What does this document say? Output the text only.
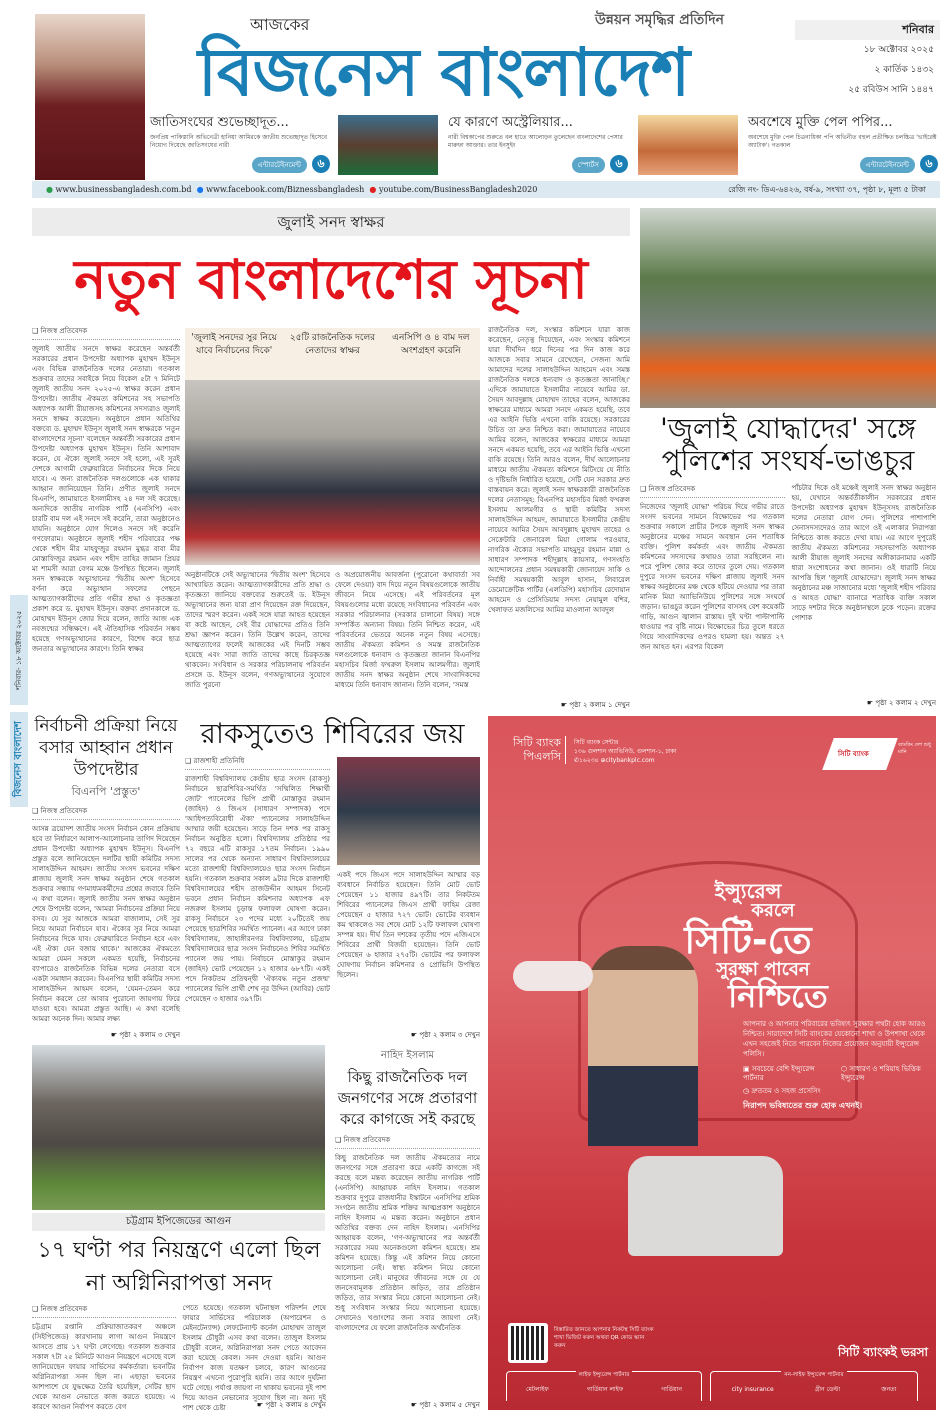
আজকের	উন্নয়ন সমৃদ্ধির প্রতিদিন
বিজনেস বাংলাদেশ
শনিবার
১৮ অক্টোবর ২০২৫
২ কার্তিক ১৪৩২
২৫ রবিউস সানি ১৪৪৭
জাতিসংঘের শুভেচ্ছাদূত...
জনপ্রিয় পাকিস্তানি অভিনেত্রী হানিয়া আমিরকে জাতীয় শুভেচ্ছাদূত হিসেবে নিয়োগ দিয়েছে জাতিসংঘের নারী
এন্টারটেইনমেন্ট ৬
যে কারণে অস্ট্রেলিয়ার...
নারী বিশ্বকাপের শুরুতে বল হাতে আলোড়ন তুলেছেন বাংলাদেশের পেসার মারুফা আক্তার। তার ইনসুইং
স্পোর্টস ৬
অবশেষে মুক্তি পেল পপির...
অবশেষে মুক্তি পেল চিত্রনায়িকা পপি অভিনীত বহুল প্রতীক্ষিত চলচ্চিত্র 'ভাইরেক্ট অ্যাটাক'। গতকাল
এন্টারটেইনমেন্ট ৬
● www.businessbangladesh.com.bd ● www.facebook.com/Biznessbangladesh ● youtube.com/BusinessBangladesh2020	রেজি নং- ডিএ-৬৪২৬, বর্ষ-৯, সংখ্যা ৩৭, পৃষ্ঠা ৮, মূল্য ৫ টাকা
জুলাই সনদ স্বাক্ষর
নতুন বাংলাদেশের সূচনা
❑ নিজস্ব প্রতিবেদক
জুলাই জাতীয় সনদে স্বাক্ষর করেছেন অন্তর্বর্তী সরকারের প্রধান উপদেষ্টা অধ্যাপক মুহাম্মদ ইউনূস এবং বিভিন্ন রাজনৈতিক দলের নেতারা। গতকাল শুক্রবার তাদের সবাইকে নিয়ে বিকেল ৫টা ৭ মিনিটে জুলাই জাতীয় সনদ ২০২৫-এ স্বাক্ষর করেন প্রধান উপদেষ্টা। জাতীয় ঐকমত্য কমিশনের সহ সভাপতি অধ্যাপক আলী রীয়াজসহ কমিশনের সদস্যরাও জুলাই সনদে স্বাক্ষর করেছেন। অনুষ্ঠানে প্রধান অতিথির বক্তব্যে ড. মুহাম্মদ ইউনূস জুলাই সনদ স্বাক্ষরকে 'নতুন বাংলাদেশের সূচনা' বলেছেন অন্তর্বর্তী সরকারের প্রধান উপদেষ্টা অধ্যাপক মুহাম্মদ ইউনূস। তিনি আশাবাদ করেন, যে ঐক্যে জুলাই সনদে সই হলো, এই সুরই দেশকে আগামী ফেব্রুয়ারিতে নির্বাচনের দিকে নিয়ে যাবে। এ জন্য রাজনৈতিক দলগুলোকে এক থাকার আহ্বান জানিয়েছেন তিনি। প্রণীত জুলাই সনদে বিএনপি, জামায়াতে ইসলামীসহ ২৪ দল সই করেছে। অন্যদিকে জাতীয় নাগরিক পার্টি (এনসিপি) এবং চারটি বাম দল এই সনদে সই করেনি, তারা অনুষ্ঠানেও যায়নি। অনুষ্ঠানে যোগ দিলেও সনদে সই করেনি গণফোরাম। অনুষ্ঠানে জুলাই শহীদ পরিবারের পক্ষ থেকে শহীদ মীর মাহফুজুর রহমান মুগ্ধর বাবা মীর মোস্তাফিজুর রহমান এবং শহীদ তাহির জামান প্রিয়র মা শামসী আরা বেগম মঞ্চে উপস্থিত ছিলেন। জুলাই সনদ স্বাক্ষরকে অভ্যুত্থানের 'দ্বিতীয় অংশ' হিসেবে বর্ণনা করে অভ্যুত্থান সফলের পেছনে আত্মত্যাগকারীদের প্রতি গভীর শ্রদ্ধা ও কৃতজ্ঞতা প্রকাশ করে ড. মুহাম্মদ ইউনূস। বক্তব্য প্রদানকালে ড. মোহাম্মদ ইউনূস জোর দিয়ে বলেন, জাতি আজ এক নবজন্মের সন্ধিক্ষণে। এই ঐতিহাসিক পরিবর্তন সম্ভব হয়েছে গণঅভ্যুত্থানের কারণে, বিশেষ করে ছাত্র জনতার অভ্যুত্থানের কারণে। তিনি স্বাক্ষর
'জুলাই সনদের সুর নিয়ে যাবে নির্বাচনের দিকে'
২৫টি রাজনৈতিক দলের নেতাদের স্বাক্ষর
এনসিপি ও ৪ বাম দল অংশগ্রহণ করেনি
অনুষ্ঠানটিকে সেই অভ্যুত্থানের 'দ্বিতীয় অংশ' হিসেবে আখ্যায়িত করেন। আত্মত্যাগকারীদের প্রতি শ্রদ্ধা ও কৃতজ্ঞতা জানিয়ে বক্তব্যের শুরুতেই ড. ইউনূস অভ্যুত্থানের জন্য যারা প্রাণ দিয়েছেন রক্ত দিয়েছেন, তাদের স্মরণ করেন। একই সঙ্গে যারা আহত হয়েছেন বা কষ্টে আছেন, সেই বীর যোদ্ধাদের প্রতিও তিনি শ্রদ্ধা জ্ঞাপন করেন। তিনি উল্লেখ করেন, তাদের আত্মত্যাগের ফলেই আজকের এই দিনটি সম্ভব হয়েছে এবং সারা জাতি তাদের কাছে চিরকৃতজ্ঞ থাকবেন। সংবিধান ও সরকার পরিচালনায় পরিবর্তন প্রসঙ্গে ড. ইউনূস বলেন, গণঅভ্যুত্থানের সুযোগে জাতি পুরনো
ও অপ্রয়োজনীয় আবর্জনা (পুরোনো কথাবার্তা সব ফেলে দেওয়া) বাদ দিয়ে নতুন বিষয়গুলোকে জাতীয় জীবনে নিয়ে এসেছে। এই পরিবর্তনের মূল বিষয়গুলোর মধ্যে রয়েছে সংবিধানের পরিবর্তন এবং সরকার পরিচালনার (সরকার চালানো বিষয়) সঙ্গে সম্পর্কিত অন্যান্য বিষয়। তিনি নিশ্চিত করেন, এই পরিবর্তনের ভেতরে অনেক নতুন বিষয় এসেছে। জাতীয় ঐকমত্য কমিশন ও সমস্ত রাজনৈতিক দলগুলোকে ধন্যবাদ ও কৃতজ্ঞতা জানান বিএনপির মহাসচিব মির্জা ফখরুল ইসলাম আলমগীর। জুলাই জাতীয় সনদ স্বাক্ষর অনুষ্ঠান শেষে সাংবাদিকদের মাধ্যমে তিনি ধন্যবাদ জানান। তিনি বলেন, 'সমস্ত
রাজনৈতিক দল, সংস্কার কমিশনে যারা কাজ করেছেন, নেতৃত্ব দিয়েছেন, এবং সংস্কার কমিশনে যারা দীর্ঘদিন ধরে দিনের পর দিন কাজ করে আজকে সবার সামনে রেখেছেন, সেজন্য আমি আমাদের দলের সালাহউদ্দিন আহমেদ এবং সমস্ত রাজনৈতিক দলকে ধন্যবাদ ও কৃতজ্ঞতা জানাচ্ছি।' এদিকে জামায়াতে ইসলামীর নায়েবে আমির ডা. সৈয়দ আবদুল্লাহ মোহাম্মদ তাহের বলেন, আজকের স্বাক্ষরের মাধ্যমে আমরা সনদে একমত হয়েছি, তবে এর আইনি ভিত্তি এখনো বাকি রয়েছে। সরকারের উচিত তা দ্রুত নিশ্চিত করা। জামায়াতের নায়েবে আমির বলেন, আজকের স্বাক্ষরের মাধ্যমে আমরা সনদে একমত হয়েছি, তবে এর আইনি ভিত্তি এখনো বাকি রয়েছে। তিনি আরও বলেন, দীর্ঘ আলোচনার মাধ্যমে জাতীয় ঐকমত্য কমিশনে মিটিংয়ে যে নীতি ও দৃষ্টিভঙ্গি নির্ধারিত হয়েছে, সেটি যেন সরকার দ্রুত বাস্তবায়ন করে। জুলাই সনদ স্বাক্ষরকারী রাজনৈতিক দলের নেতাসমূহ: বিএনপির মহাসচিব মির্জা ফখরুল ইসলাম আলমগীর ও স্থায়ী কমিটির সদস্য সালাহউদ্দিন আহমদ, জামায়াতে ইসলামীর কেন্দ্রীয় নায়েবে আমির সৈয়দ আবদুল্লাহ মুহাম্মদ তাহের ও সেক্রেটারি জেনারেল মিয়া গোলাম পরওয়ার, নাগরিক ঐক্যের সভাপতি মাহমুদুর রহমান মান্না ও সাধারণ সম্পাদক শহীদুল্লাহ কায়সার, গণসংহতি আন্দোলনের প্রধান সমন্বয়কারী জোনায়েদ সাকি ও নির্বাহী সমন্বয়কারী আবুল হাসান, লিবারেল ডেমোক্রেটিক পার্টির (এলডিপি) মহাসচিব রেদোয়ান আহমেদ ও প্রেসিডিয়াম সদস্য নেয়ামুল বশির, খেলাফত মজলিসের আমির মাওলানা আবদুল
☛ পৃষ্ঠা ২ কলাম ১ দেখুন
'জুলাই যোদ্ধাদের' সঙ্গে পুলিশের সংঘর্ষ-ভাঙচুর
❑ নিজস্ব প্রতিবেদক
নিজেদের 'জুলাই যোদ্ধা' পরিচয় দিয়ে গভীর রাতে সংসদ ভবনের সামনে বিক্ষোভের পর গতকাল শুক্রবার সকালে প্রাচীর টপকে জুলাই সনদ স্বাক্ষর অনুষ্ঠানের মঞ্চের সামনে অবস্থান নেন শতাধিক ব্যক্তি। পুলিশ কর্মকর্তা এবং জাতীয় ঐকমত্য কমিশনের সদস্যদের কথায়ও তারা সরছিলেন না। পরে পুলিশ জোর করে তাদের তুলে দেয়। গতকাল দুপুরে সংসদ ভবনের দক্ষিণ প্লাজায় জুলাই সনদ স্বাক্ষর অনুষ্ঠানের মঞ্চ থেকে হটিয়ে দেওয়ার পর তারা মানিক মিয়া অ্যাভিনিউয়ে পুলিশের সঙ্গে সংঘর্ষে জড়ান। ভাঙচুর করেন পুলিশের বাসসহ বেশ কয়েকটি গাড়ি, আগুন জ্বালান রাস্তায়। দুই ঘণ্টা পাল্টাপাল্টি ধাওয়ার পর বৃষ্টি নামে। বিক্ষোভের চিত্র তুলে ধরতে গিয়ে সাংবাদিকদের ওপরও হামলা হয়। অন্তত ২৭ জন আহত হন। এরপর বিকেল
পাঁচটার দিকে ওই মঞ্চেই জুলাই সনদ স্বাক্ষর অনুষ্ঠান হয়, যেখানে অন্তর্বর্তীকালীন সরকারের প্রধান উপদেষ্টা অধ্যাপক মুহাম্মদ ইউনূসসহ রাজনৈতিক দলের নেতারা যোগ দেন। পুলিশের পাশাপাশি সেনাসদস্যদেরও তার আগে ওই এলাকার নিরাপত্তা নিশ্চিতে কাজ করতে দেখা যায়। এর আগে দুপুরেই জাতীয় ঐকমত্য কমিশনের সহসভাপতি অধ্যাপক আলী রীয়াজ জুলাই সনদের অঙ্গীকারনামার একটি ধারা সংশোধনের কথা জানান। ওই ধারাটি নিয়ে আপত্তি ছিল 'জুলাই যোদ্ধাদের'। জুলাই সনদ স্বাক্ষর অনুষ্ঠানের মঞ্চ সাজানোর মধ্যে 'জুলাই শহীদ পরিবার ও আহত যোদ্ধা' ব্যানারে শতাধিক ব্যক্তি সকাল সাড়ে দশটার দিকে অনুষ্ঠানস্থলে ঢুকে পড়েন। রক্তের পোশাক
☛ পৃষ্ঠা ২ কলাম ২ দেখুন
শনিবার- ১৮ অক্টোবর ২০২৫
বিজনেস বাংলাদেশ নির্বাচনী প্রক্রিয়া নিয়ে বসার আহ্বান প্রধান উপদেষ্টার
বিএনপি 'প্রস্তুত'
❑ নিজস্ব প্রতিবেদক
আসন্ন ত্রয়োদশ জাতীয় সংসদ নির্বাচন কোন প্রক্রিয়ায় হবে তা নির্ধারণে আলাপ-আলোচনার তাগিদ দিয়েছেন প্রধান উপদেষ্টা অধ্যাপক মুহাম্মদ ইউনূস। বিএনপি প্রস্তুত বলে জানিয়েছেন দলটির স্থায়ী কমিটির সদস্য সালাহউদ্দিন আহমদ। জাতীয় সংসদ ভবনের দক্ষিণ প্লাজায় জুলাই সনদ স্বাক্ষর অনুষ্ঠান শেষে গতকাল শুক্রবার সন্ধ্যায় গণমাধ্যমকর্মীদের প্রশ্নের জবাবে তিনি এ কথা বলেন। জুলাই জাতীয় সনদ স্বাক্ষর অনুষ্ঠান শেষে উপদেষ্টা বলেন, 'আমরা নির্বাচনের প্রক্রিয়া নিয়ে বসব। যে সুর আজকে আমরা বাজালাম, সেই সুর নিয়ে আমরা নির্বাচনে যাব। ঐক্যের সুর নিয়ে আমরা নির্বাচনের দিকে যাব। ফেব্রুয়ারিতে নির্বাচন হবে এবং এই ঐক্য যেন বজায় থাকে।' আজকের ঐকমত্যে আমরা যেমন সকলে একমত হয়েছি, নির্বাচনের ব্যাপারেও রাজনৈতিক বিভিন্ন দলের নেতারা বসে একটা সমাধান করবেন। বিএনপির স্থায়ী কমিটির সদস্য সালাহউদ্দিন আহমদ বলেন, 'যেমন-তেমন করে নির্বাচন করলে তো আবার পুরোনো জায়গায় ফিরে যাওয়া হবে। আমরা প্রস্তুত আছি। এ কথা বলেছি আমরা অনেক দিন। আমার লক্ষ্য
☛ পৃষ্ঠা ২ কলাম ৩ দেখুন
রাকসুতেও শিবিরের জয়
❑ রাজশাহী প্রতিনিধি
রাজশাহী বিশ্ববিদ্যালয় কেন্দ্রীয় ছাত্র সংসদ (রাকসু) নির্বাচনে ছাত্রশিবির-সমর্থিত 'সম্মিলিত শিক্ষার্থী জোট' প্যানেলের ভিপি প্রার্থী মোস্তাকুর রহমান (জাহিদ) ও জিএস (সাধারণ সম্পাদক) পদে 'আধিপত্যবিরোধী ঐক্য' প্যানেলের সালাহউদ্দিন আম্মার জয়ী হয়েছেন। সাড়ে তিন দশক পর রাকসু নির্বাচন অনুষ্ঠিত হলো। বিশ্ববিদ্যালয় প্রতিষ্ঠার পর ৭২ বছরে এটি রাকসুর ১৭তম নির্বাচন। ১৯৯০ সালের পর থেকে অন্যান্য সাধারণ বিশ্ববিদ্যালয়ের মতো রাজশাহী বিশ্ববিদ্যালয়েও ছাত্র সংসদ নির্বাচন হয়নি। গতকাল শুক্রবার সকাল ৯টার দিকে রাজশাহী বিশ্ববিদ্যালয়ের শহীদ তাজউদ্দীন আহমদ সিনেট ভবনে প্রধান নির্বাচন কমিশনার অধ্যাপক এফ নজরুল ইসলাম চূড়ান্ত ফলাফল ঘোষণা করেন। রাকসু নির্বাচনে ২৩ পদের মধ্যে ২০টিতেই জয় পেয়েছে ছাত্রশিবির সমর্থিত প্যানেল। এর আগে ঢাকা বিশ্ববিদ্যালয়, জাহাঙ্গীরনগর বিশ্ববিদ্যালয়, চট্টগ্রাম বিশ্ববিদ্যালয়ের ছাত্র সংসদ নির্বাচনেও শিবির সমর্থিত প্যানেল জয় পায়। নির্বাচনে মোস্তাকুর রহমান (জাহিদ) ভোট পেয়েছেন ১২ হাজার ৬৮৭টি। একই পদে নিকটতম প্রতিদ্বন্দ্বী 'ঐক্যবদ্ধ নতুন প্রজন্ম' প্যানেলের ভিপি প্রার্থী শেখ নূর উদ্দিন (আবির) ভোট পেয়েছেন ৩ হাজার ৩৯৭টি।
একই পদে জিএস পদে সালাহউদ্দিন আম্মার বড় ব্যবধানে নির্বাচিত হয়েছেন। তিনি মোট ভোট পেয়েছেন ১১ হাজার ৪৯৭টি। তার নিকটতম শিবিরের প্যানেলের জিএস প্রার্থী ফাহিম রেজা পেয়েছেন ৫ হাজার ৭২৭ ভোট। ভোটের ব্যবধান কম থাকলেও সব শেষে মোট ১২টি ফলাফল ঘোষণা সম্পন্ন হয়। দীর্ঘ তিন দশকের তৃতীয় পদে এজিএসে শিবিরের প্রার্থী বিজয়ী হয়েছেন। তিনি ভোট পেয়েছেন ৬ হাজার ২৭৫টি। ভোটের পর ফলাফল ঘোষণায় নির্বাচন কমিশনার ও প্রোভিসি উপস্থিত ছিলেন।
☛ পৃষ্ঠা ২ কলাম ৩ দেখুন
চট্টগ্রাম ইপিজেডের আগুন
১৭ ঘণ্টা পর নিয়ন্ত্রণে এলো ছিল না অগ্নিনিরাপত্তা সনদ
❑ নিজস্ব প্রতিবেদক
চট্টগ্রাম রপ্তানি প্রক্রিয়াজাতকরণ অঞ্চলে (সিইপিজেড) কারখানায় লাগা আগুন নিয়ন্ত্রণে আসতে প্রায় ১৭ ঘণ্টা লেগেছে। গতকাল শুক্রবার সকাল ৭টা ২৫ মিনিটে আগুন নিয়ন্ত্রণে এসেছে বলে জানিয়েছেন ফায়ার সার্ভিসের কর্মকর্তারা। ভবনটির অগ্নিনিরাপত্তা সনদ ছিল না। এছাড়া ভবনের আশপাশে যে যুদ্ধক্ষেত্র তৈরি হয়েছিল, সেটির ছাদ থেকে আগুন নেভাতে কাজ করতে হয়েছে। এ কারণে আগুন নির্বাপণ করতে বেগ
পেতে হয়েছে। গতকাল ঘটনাস্থল পরিদর্শন শেষে ফায়ার সার্ভিসের পরিচালক (অপারেশন ও মেইনটেন্যান্স) লেফটেন্যান্ট কর্নেল মোহাম্মদ তাজুল ইসলাম চৌধুরী এসব কথা বলেন। তাজুল ইসলাম চৌধুরী বলেন, অগ্নিনিরাপত্তা সনদ পেতে আবেদন করা হয়েছে কেবল। সনদ দেওয়া হয়নি। আগুন নির্বাপণ কাজ যতক্ষণ চলবে, কারণ আগুনের নিয়ন্ত্রণ এখনো পুরোপুরি হয়নি। তার আগে দুর্ঘটনা ঘটে গেছে। পর্যাপ্ত জায়গা না থাকায় ভবনের দুই পাশ দিয়ে আগুন নেভানোর সুযোগ ছিল না। অন্য দুই পাশ থেকে চেষ্টা	☛ পৃষ্ঠা ২ কলাম ৪ দেখুন
নাহিদ ইসলাম
কিছু রাজনৈতিক দল জনগণের সঙ্গে প্রতারণা করে কাগজে সই করছে
❑ নিজস্ব প্রতিবেদক
কিছু রাজনৈতিক দল জাতীয় ঐকমত্যের নামে জনগণের সঙ্গে প্রতারণা করে একটি কাগজে সই করছে বলে মন্তব্য করেছেন জাতীয় নাগরিক পার্টি (এনসিপি) আহ্বায়ক নাহিদ ইসলাম। গতকাল শুক্রবার দুপুরে রাজধানীর ইস্কাটনে এনসিপির শ্রমিক সংগঠন জাতীয় শ্রমিক শক্তির আত্মপ্রকাশ অনুষ্ঠানে নাহিদ ইসলাম এ মন্তব্য করেন। অনুষ্ঠানে প্রধান অতিথির বক্তব্য দেন নাহিদ ইসলাম। এনসিপির আহ্বায়ক বলেন, 'গণ-অভ্যুত্থানের পর অন্তর্বর্তী সরকারের সময় অনেকগুলো কমিশন হয়েছে। শ্রম কমিশন হয়েছে। কিন্তু এই কমিশন নিয়ে কোনো আলোচনা নেই। স্বাস্থ্য কমিশন নিয়ে কোনো আলোচনা নেই। মানুষের জীবনের সঙ্গে যে যে জনসেবামূলক প্রতিষ্ঠান জড়িত, তার প্রতিষ্ঠান জড়িত, তার সংস্কার নিয়ে কোনো আলোচনা নেই। শুধু সংবিধান সংস্কার নিয়ে আলোচনা হয়েছে। সেখানেও খণ্ডাংশের জন্য সবার জায়গা নেই। বাংলাদেশের যে ফলো রাজনৈতিক অর্থনৈতিক
☛ পৃষ্ঠা ২ কলাম ৫ দেখুন
সিটি ব্যাংক পিএলসি
সিটি ব্যাংক সেন্টার
১৩৬ গুলশান অ্যাভিনিউ, গুলশান-১, ঢাকা
✆১৬২৩৪ ⊕citybankplc.com
সিটি ব্যাংক
ব্যাংকিং দেশ শুধু মানি
ইন্স্যুরেন্স
করলে
সিটি-তে
সুরক্ষা পাবেন
নিশ্চিতে
আপনার ও আপনার পরিবারের ভবিষ্যৎ সুরক্ষার পথটা হোক আরও নিশ্চিত। সারাদেশে সিটি ব্যাংকের যেকোনো শাখা ও উপশাখা থেকে এখন সহজেই নিতে পারবেন নিজের প্রয়োজন অনুযায়ী ইন্স্যুরেন্স পলিসি।
▣ সবচেয়ে বেশি ইন্স্যুরেন্স পার্টনার
⬡ সাধারণ ও শরিয়াহ ভিত্তিক ইন্স্যুরেন্স
◷ দ্রুততম ও সহজ প্রসেসিং
নিরাপদ ভবিষ্যতের শুরু হোক এখনই।
বিস্তারিত জানতে আপনার নিকটস্থ সিটি ব্যাংক শাখা ভিজিট করুন অথবা QR কোড স্ক্যান করুন	সিটি ব্যাংকই ভরসা
লাইফ ইন্স্যুরেন্স পার্টনার
মেটলাইফ	গার্ডিয়ান লাইফ	গার্ডিয়ান
নন-লাইফ ইন্স্যুরেন্স পার্টনার
city insurance	গ্রীন ডেল্টা	জনতা
